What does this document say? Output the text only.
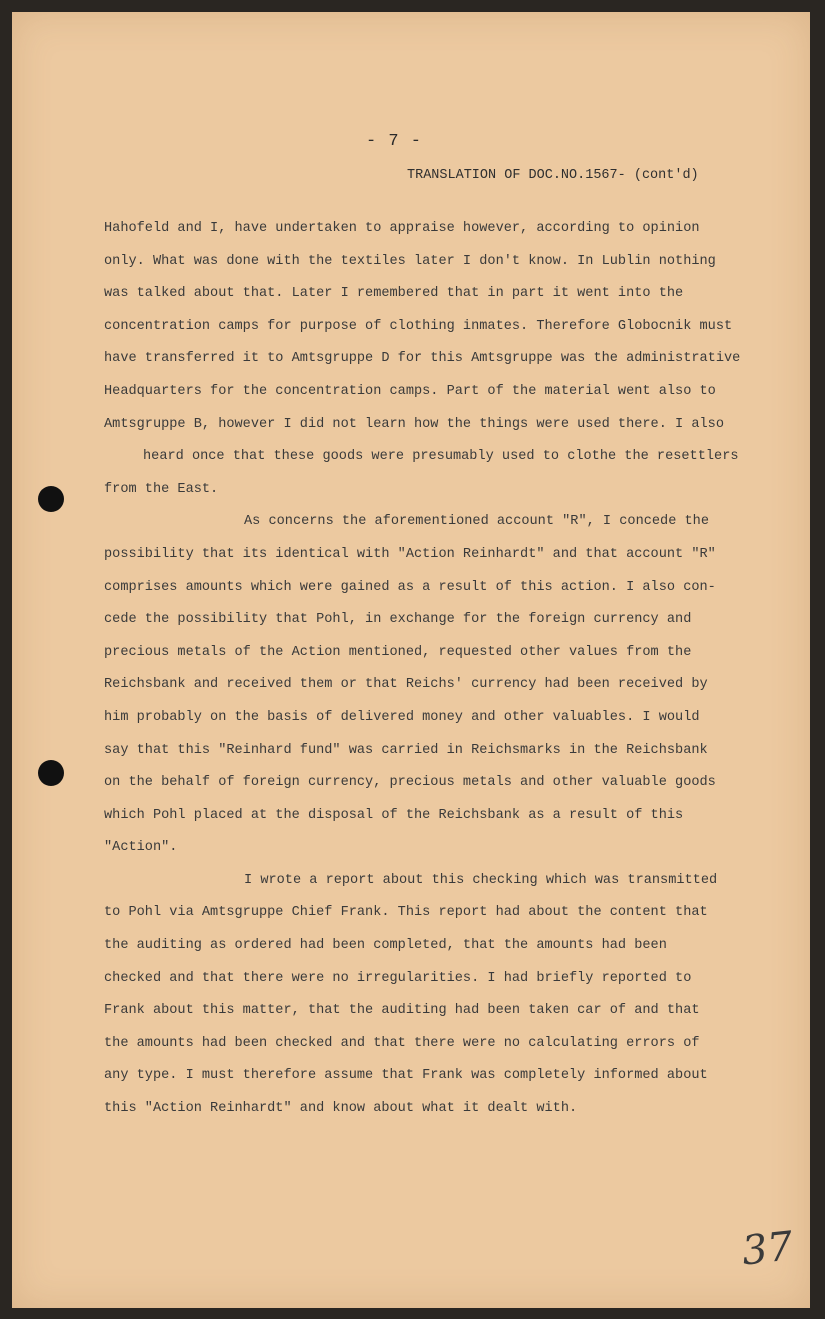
- 7 -
TRANSLATION OF DOC.NO.1567- (cont'd)
Hahofeld and I, have undertaken to appraise however, according to opinion
only. What was done with the textiles later I don't know. In Lublin nothing
was talked about that. Later I remembered that in part it went into the
concentration camps for purpose of clothing inmates. Therefore Globocnik must
have transferred it to Amtsgruppe D for this Amtsgruppe was the administrative
Headquarters for the concentration camps. Part of the material went also to
Amtsgruppe B, however I did not learn how the things were used there. I also
heard once that these goods were presumably used to clothe the resettlers
from the East.
As concerns the aforementioned account "R", I concede the
possibility that its identical with "Action Reinhardt" and that account "R"
comprises amounts which were gained as a result of this action. I also con-
cede the possibility that Pohl, in exchange for the foreign currency and
precious metals of the Action mentioned, requested other values from the
Reichsbank and received them or that Reichs' currency had been received by
him probably on the basis of delivered money and other valuables. I would
say that this "Reinhard fund" was carried in Reichsmarks in the Reichsbank
on the behalf of foreign currency, precious metals and other valuable goods
which Pohl placed at the disposal of the Reichsbank as a result of this
"Action".
I wrote a report about this checking which was transmitted
to Pohl via Amtsgruppe Chief Frank. This report had about the content that
the auditing as ordered had been completed, that the amounts had been
checked and that there were no irregularities. I had briefly reported to
Frank about this matter, that the auditing had been taken car of and that
the amounts had been checked and that there were no calculating errors of
any type. I must therefore assume that Frank was completely informed about
this "Action Reinhardt" and know about what it dealt with.
37
